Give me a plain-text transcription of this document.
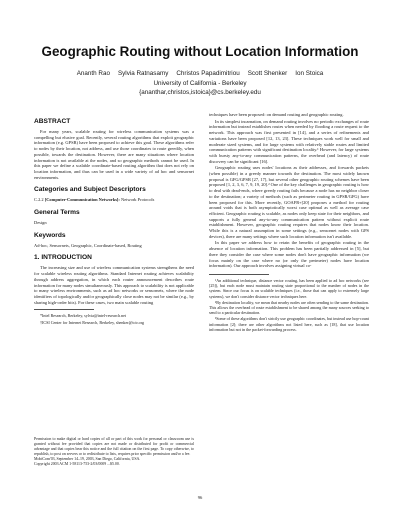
Geographic Routing without Location Information
Ananth Rao Sylvia Ratnasamy Christos Papadimitriou Scott Shenker Ion Stoica
University of California - Berkeley
{ananthar,christos,istoica}@cs.berkeley.edu
ABSTRACT

For many years, scalable routing for wireless communication systems was a compelling but elusive goal. Recently, several routing algorithms that exploit geographic information (e.g. GPSR) have been proposed to achieve this goal. These algorithms refer to nodes by their location, not address, and use those coordinates to route greedily, when possible, towards the destination. However, there are many situations where location information is not available at the nodes, and so geographic methods cannot be used. In this paper we define a scalable coordinate-based routing algorithm that does not rely on location information, and thus can be used in a wide variety of ad hoc and sensornet environments.

Categories and Subject Descriptors

C.2.2 [Computer-Communication Networks]: Network Protocols

General Terms

Design

Keywords

Ad-hoc, Sensornets, Geographic, Coordinate-based, Routing

1. INTRODUCTION

The increasing size and use of wireless communication systems strengthens the need for scalable wireless routing algorithms. Standard Internet routing achieves scalability through address aggregation, in which each router announcement describes route information for many nodes simultaneously. This approach to scalability is not applicable to many wireless environments, such as ad hoc networks or sensornets, where the node identifiers of topologically and/or geographically close nodes may not be similar (e.g., by sharing high-order bits). For these cases, two main scalable routing

*Intel Research, Berkeley, sylvia@intel-research.net

†ICSI Center for Internet Research, Berkeley, shenker@icir.org

Permission to make digital or hard copies of all or part of this work for personal or classroom use is granted without fee provided that copies are not made or distributed for profit or commercial advantage and that copies bear this notice and the full citation on the first page. To copy otherwise, to republish, to post on servers or to redistribute to lists, requires prior specific permission and/or a fee.

MobiCom'03, September 14–19, 2003, San Diego, California, USA.

Copyright 2003 ACM 1-58113-753-2/03/0009 ...$5.00.

techniques have been proposed: on demand routing and geographic routing.

In its simplest incarnation, on demand routing involves no periodic exchanges of route information but instead establishes routes when needed by flooding a route request to the network. This approach was first presented in [14], and a series of refinements and variations have been proposed [12, 13, 23]. These techniques work well for small and moderate sized systems, and for large systems with relatively stable routes and limited communication patterns with significant destination locality.¹ However, for large systems with bursty any-to-any communication patterns, the overhead (and latency) of route discovery can be significant [16].

Geographic routing uses nodes' locations as their addresses, and forwards packets (when possible) in a greedy manner towards the destination. The most widely known proposal is GFG/GPSR [27, 17], but several other geographic routing schemes have been proposed [1, 2, 3, 6, 7, 9, 19, 20].² One of the key challenges in geographic routing is how to deal with dead-ends, where greedy routing fails because a node has no neighbor closer to the destination; a variety of methods (such as perimeter routing in GPSR/GFG) have been proposed for this. More recently, GOAFR+[20] proposes a method for routing around voids that is both asymptotically worst case optimal as well as average case efficient. Geographic routing is scalable, as nodes only keep state for their neighbors, and supports a fully general any-to-any communication pattern without explicit route establishment. However, geographic routing requires that nodes know their location. While this is a natural assumption in some settings (e.g., sensornet nodes with GPS devices), there are many settings where such location information isn't available.

In this paper we address how to retain the benefits of geographic routing in the absence of location information. This problem has been partially addressed in [5], but there they consider the case where some nodes don't have geographic information (we focus mainly on the case where no (or only the perimeter) nodes have location information). Our approach involves assigning virtual co-

¹An additional technique, distance vector routing, has been applied to ad hoc networks (see [25]), but each node must maintain routing state proportional to the number of nodes in the system. Since our focus is on scalable techniques (i.e., those that can apply to extremely large systems), we don't consider distance vector techniques here.

²By destination locality, we mean that nearby nodes are often sending to the same destination. This allows the overhead of route establishment to be shared among the many sources seeking to send to a particular destination.

³Some of these algorithms don't strictly use geographic coordinates, but instead use hop-count information [2]; there are other algorithms not listed here, such as [18], that use location information but not in the packet-forwarding process.

96
